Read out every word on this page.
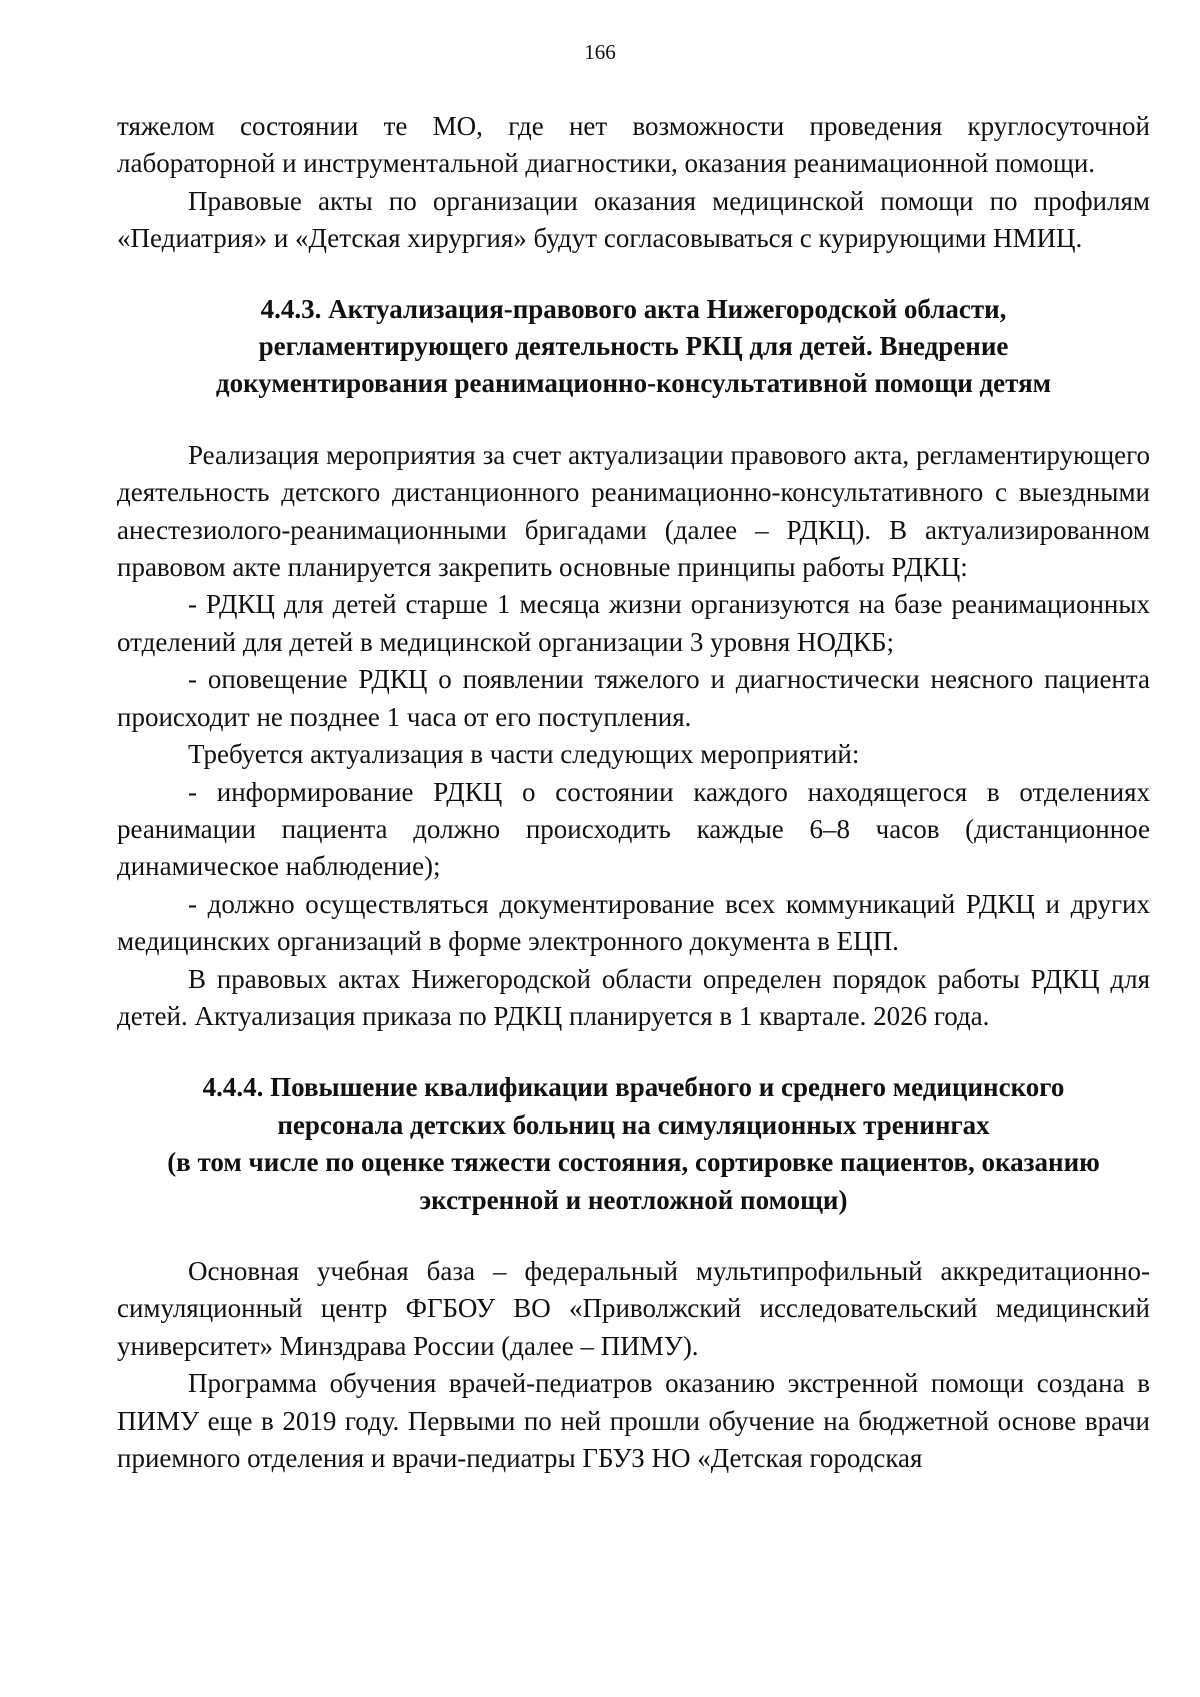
166

тяжелом состоянии те МО, где нет возможности проведения круглосуточной лабораторной и инструментальной диагностики, оказания реанимационной помощи.

Правовые акты по организации оказания медицинской помощи по профилям «Педиатрия» и «Детская хирургия» будут согласовываться с курирующими НМИЦ.

4.4.3. Актуализация-правового акта Нижегородской области,
регламентирующего деятельность РКЦ для детей. Внедрение
документирования реанимационно-консультативной помощи детям

Реализация мероприятия за счет актуализации правового акта, регламентирующего деятельность детского дистанционного реанимационно-консультативного с выездными анестезиолого-реанимационными бригадами (далее – РДКЦ). В актуализированном правовом акте планируется закрепить основные принципы работы РДКЦ:

- РДКЦ для детей старше 1 месяца жизни организуются на базе реанимационных отделений для детей в медицинской организации 3 уровня НОДКБ;

- оповещение РДКЦ о появлении тяжелого и диагностически неясного пациента происходит не позднее 1 часа от его поступления.

Требуется актуализация в части следующих мероприятий:

- информирование РДКЦ о состоянии каждого находящегося в отделениях реанимации пациента должно происходить каждые 6–8 часов (дистанционное динамическое наблюдение);

- должно осуществляться документирование всех коммуникаций РДКЦ и других медицинских организаций в форме электронного документа в ЕЦП.

В правовых актах Нижегородской области определен порядок работы РДКЦ для детей. Актуализация приказа по РДКЦ планируется в 1 квартале. 2026 года.

4.4.4. Повышение квалификации врачебного и среднего медицинского
персонала детских больниц на симуляционных тренингах
(в том числе по оценке тяжести состояния, сортировке пациентов, оказанию
экстренной и неотложной помощи)

Основная учебная база – федеральный мультипрофильный аккредитационно-симуляционный центр ФГБОУ ВО «Приволжский исследовательский медицинский университет» Минздрава России (далее – ПИМУ).

Программа обучения врачей-педиатров оказанию экстренной помощи создана в ПИМУ еще в 2019 году. Первыми по ней прошли обучение на бюджетной основе врачи приемного отделения и врачи-педиатры ГБУЗ НО «Детская городская
